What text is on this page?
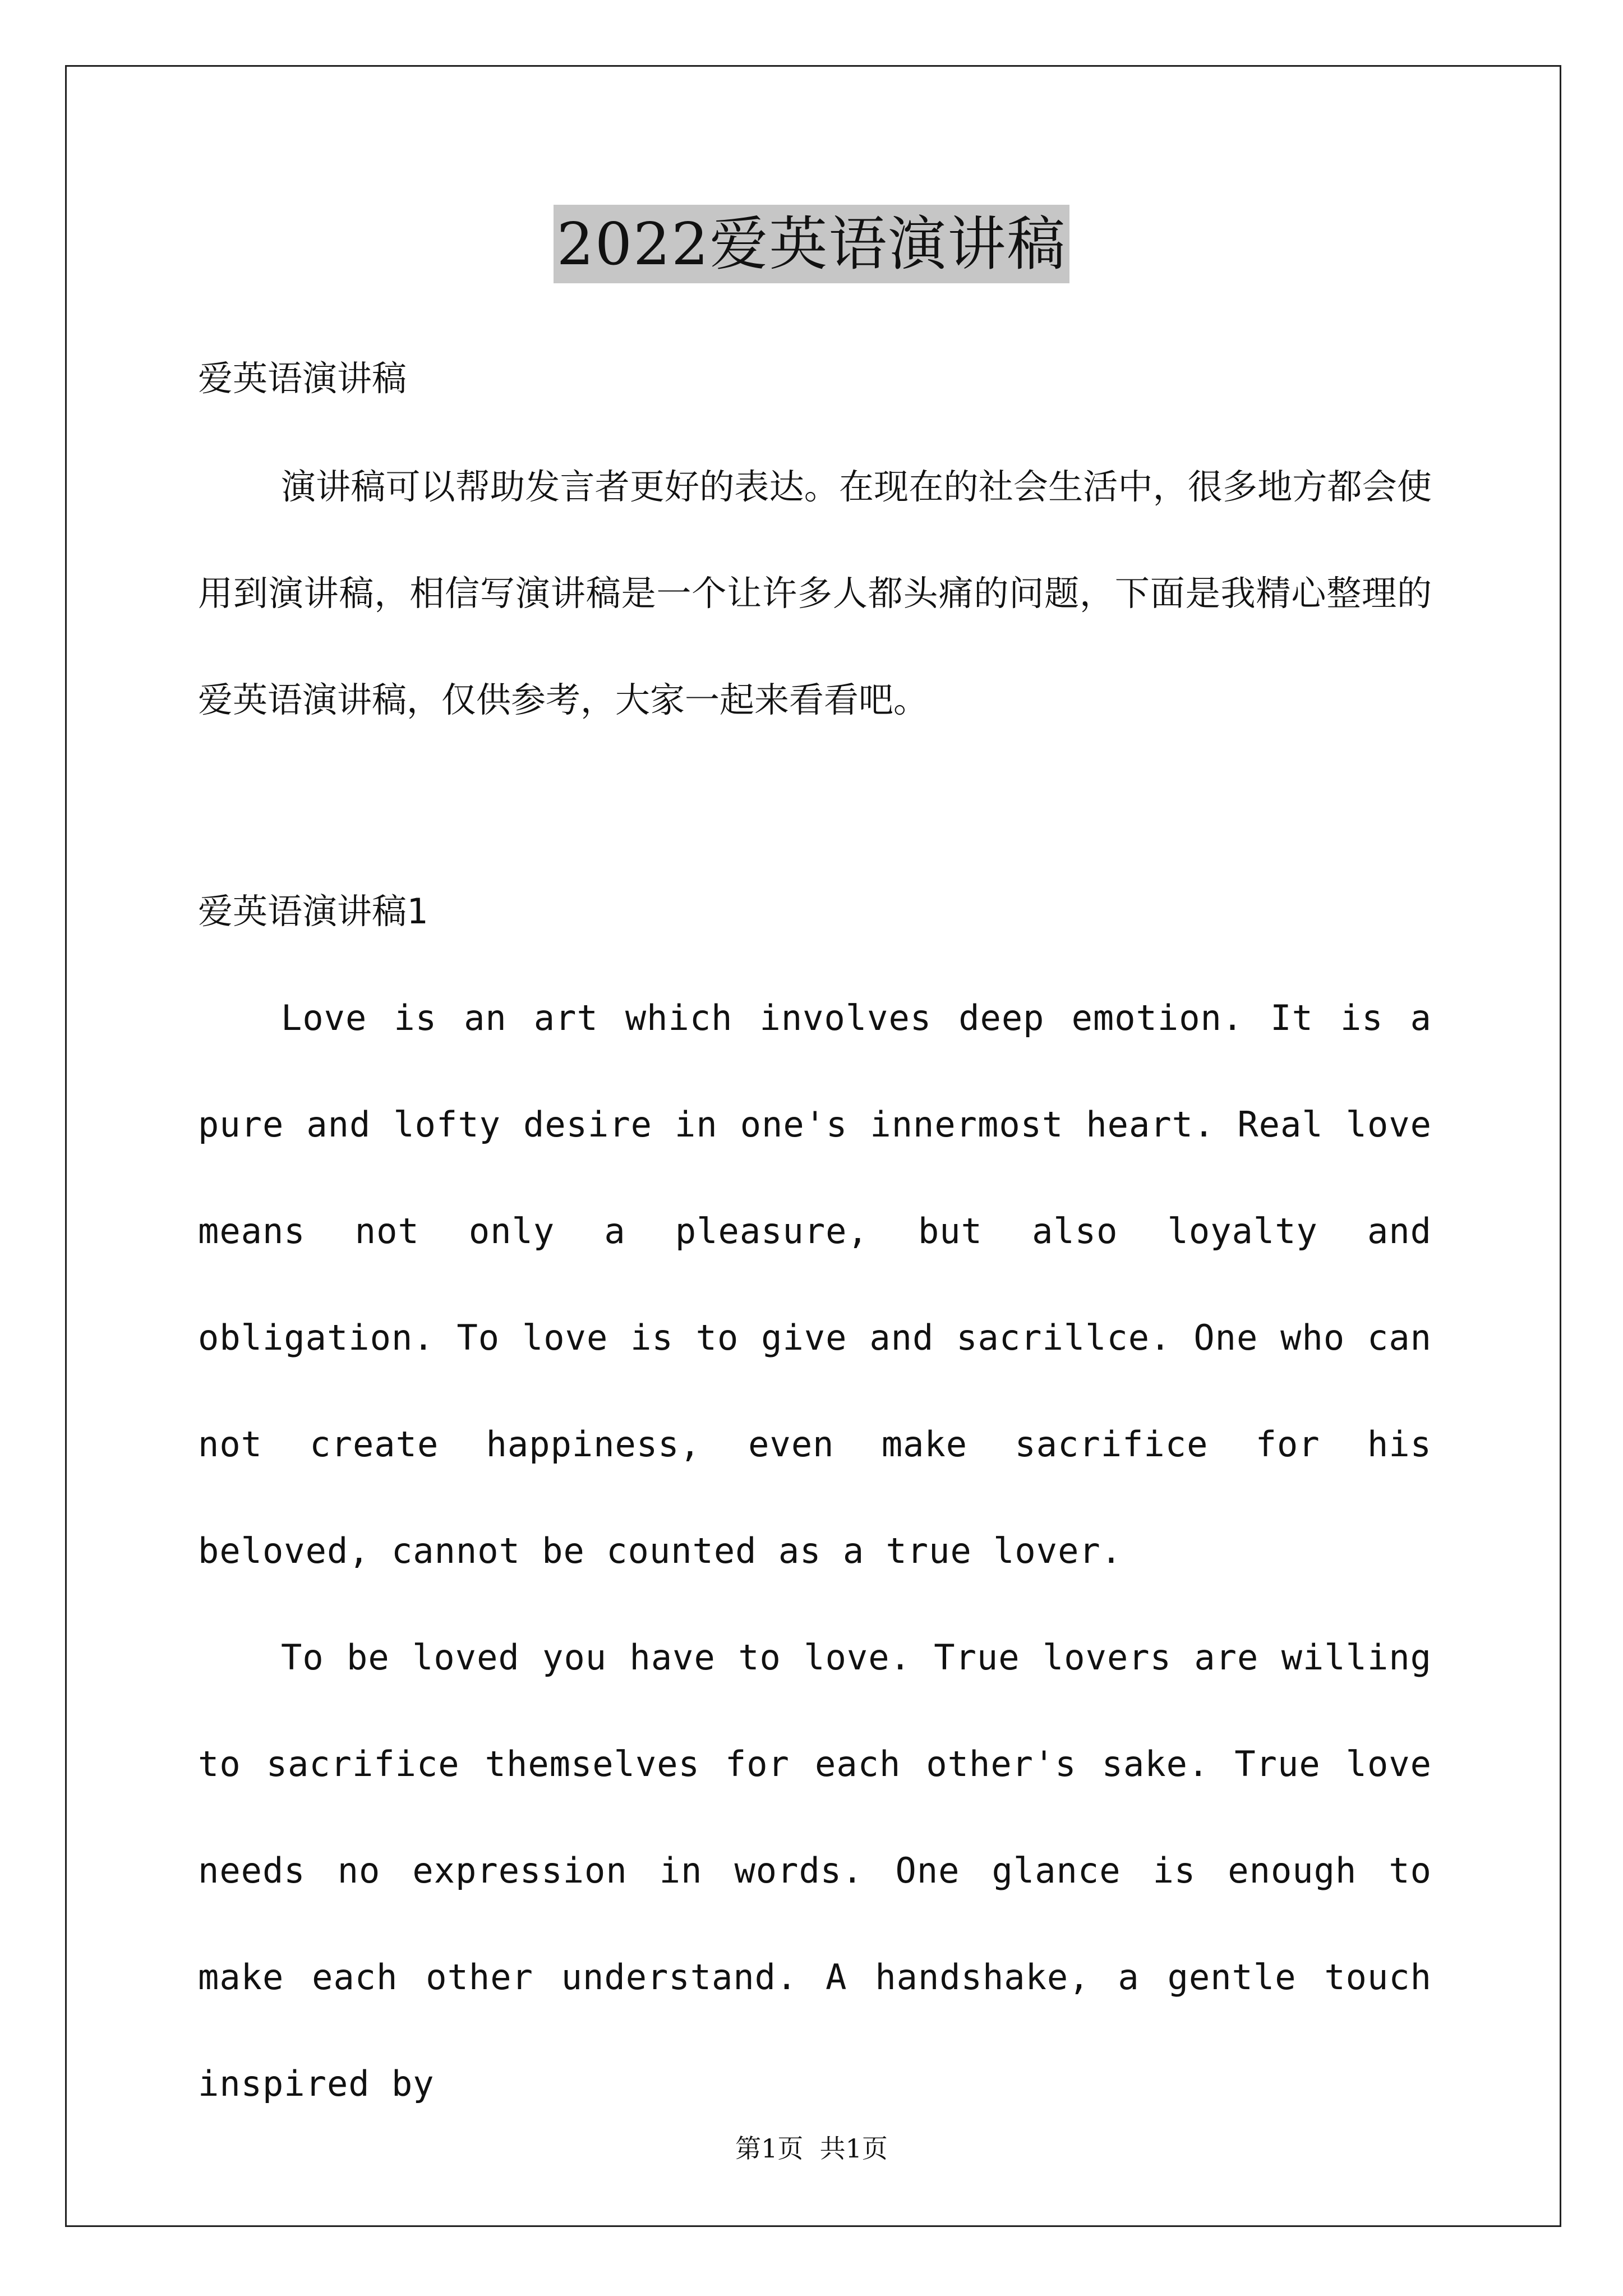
2022爱英语演讲稿
爱英语演讲稿

演讲稿可以帮助发言者更好的表达。在现在的社会生活中，很多地方都会使用到演讲稿，相信写演讲稿是一个让许多人都头痛的问题，下面是我精心整理的爱英语演讲稿，仅供参考，大家一起来看看吧。

爱英语演讲稿1

Love is an art which involves deep emotion. It is a pure and lofty desire in one's innermost heart. Real love means not only a pleasure, but also loyalty and obligation. To love is to give and sacrillce. One who can not create happiness, even make sacrifice for his beloved, cannot be counted as a true lover.

To be loved you have to love. True lovers are willing to sacrifice themselves for each other's sake. True love needs no expression in words. One glance is enough to make each other understand. A handshake, a gentle touch inspired by

第1页  共1页
